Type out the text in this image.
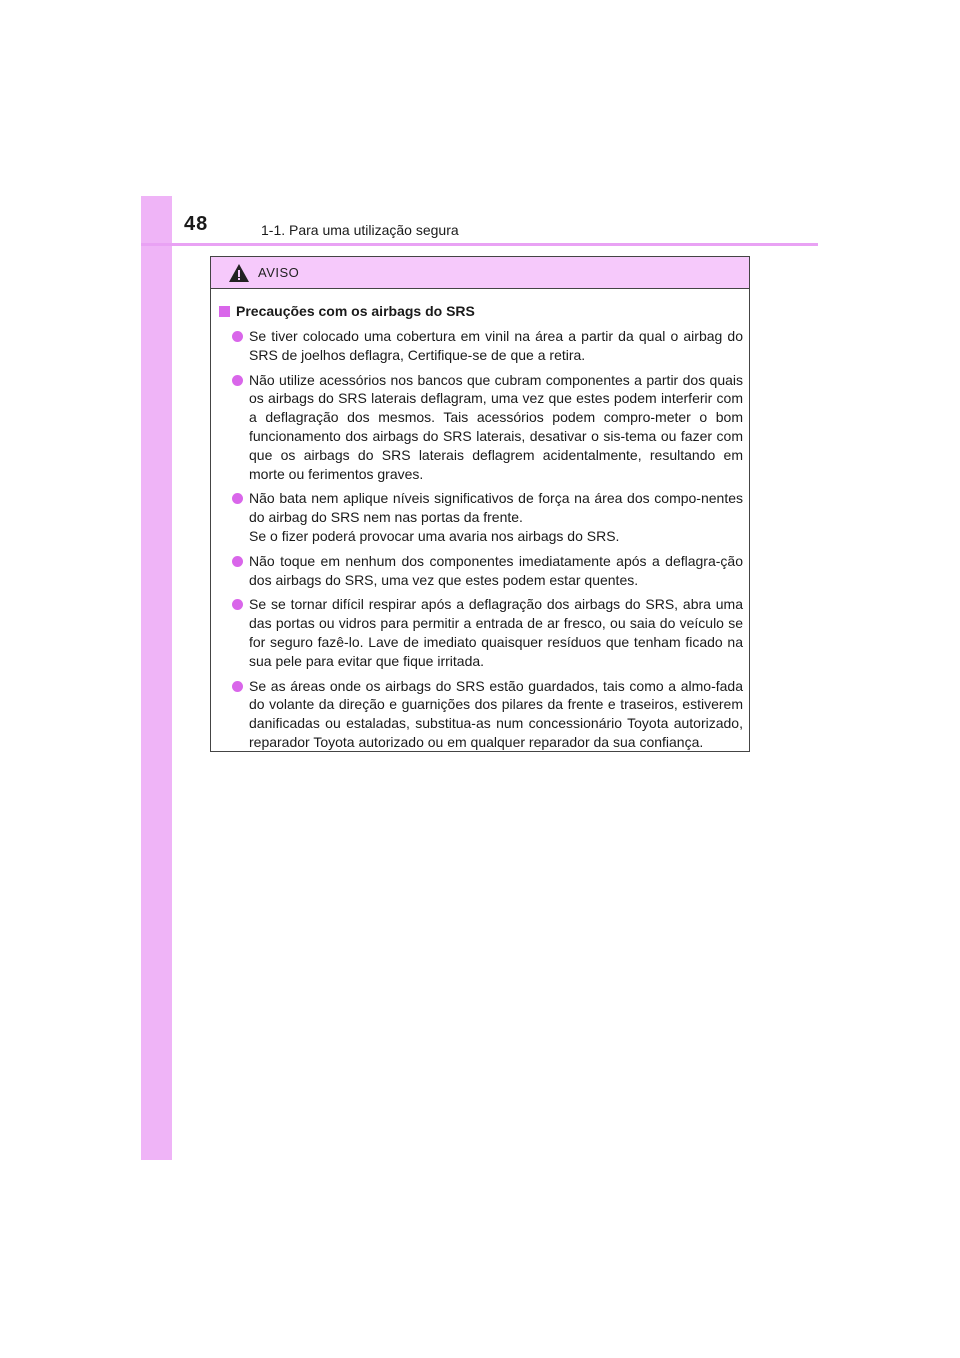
48	1-1. Para uma utilização segura
AVISO
Precauções com os airbags do SRS
Se tiver colocado uma cobertura em vinil na área a partir da qual o airbag do SRS de joelhos deflagra, Certifique-se de que a retira.
Não utilize acessórios nos bancos que cubram componentes a partir dos quais os airbags do SRS laterais deflagram, uma vez que estes podem interferir com a deflagração dos mesmos. Tais acessórios podem compro-meter o bom funcionamento dos airbags do SRS laterais, desativar o sis-tema ou fazer com que os airbags do SRS laterais deflagrem acidentalmente, resultando em morte ou ferimentos graves.
Não bata nem aplique níveis significativos de força na área dos compo-nentes do airbag do SRS nem nas portas da frente.
Se o fizer poderá provocar uma avaria nos airbags do SRS.
Não toque em nenhum dos componentes imediatamente após a deflagra-ção dos airbags do SRS, uma vez que estes podem estar quentes.
Se se tornar difícil respirar após a deflagração dos airbags do SRS, abra uma das portas ou vidros para permitir a entrada de ar fresco, ou saia do veículo se for seguro fazê-lo. Lave de imediato quaisquer resíduos que tenham ficado na sua pele para evitar que fique irritada.
Se as áreas onde os airbags do SRS estão guardados, tais como a almo-fada do volante da direção e guarnições dos pilares da frente e traseiros, estiverem danificadas ou estaladas, substitua-as num concessionário Toyota autorizado, reparador Toyota autorizado ou em qualquer reparador da sua confiança.
